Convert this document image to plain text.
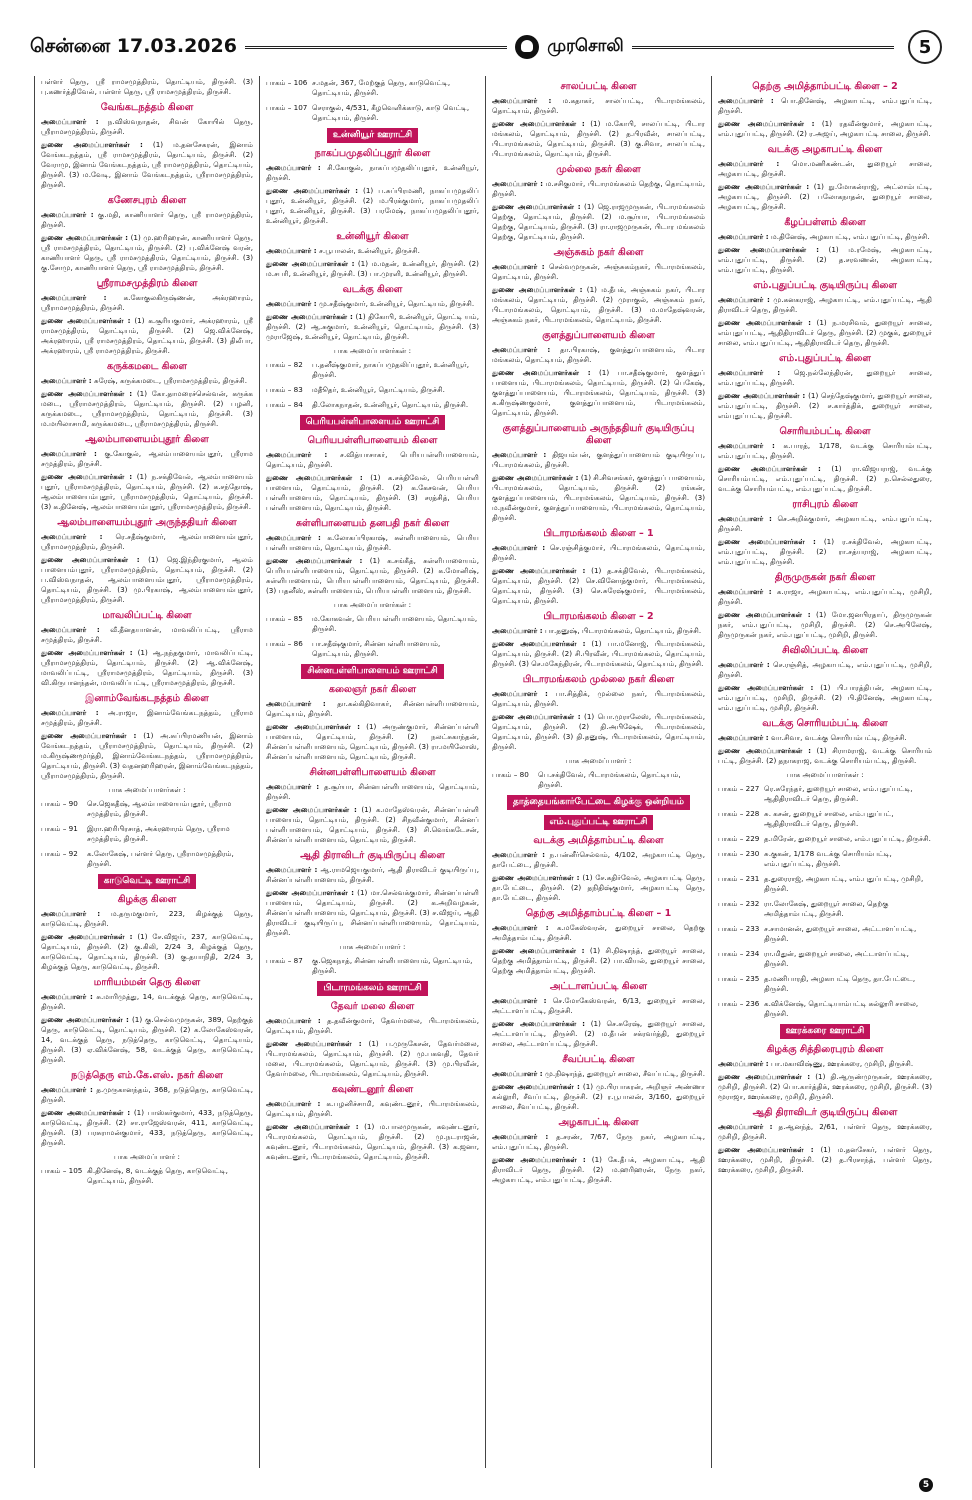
சென்னை 17.03.2026	முரசொலி	5
பள்ளர் தெரு, ஸ்ரீ ராமசமுத்திரம், தொட்டியம், திருச்சி. (3) பு.கணர்த்திவேல், பள்ளர் தெரு, ஸ்ரீ ராமசமுத்திரம், திருச்சி.
வேங்கடநத்தம் கிளை
அமைப்பாளர் : ந.விஸ்வநாதன், சிவன் கோயில் தெரு, ஸ்ரீராமசமுத்திரம், திருச்சி.
துணை அமைப்பாளர்கள் : (1) ம.தனசேகரன், இனாம் வேங்கடநத்தம், ஸ்ரீ ராமசமுத்திரம், தொட்டியம், திருச்சி. (2) வேராமு, இனாம் வேங்கடநத்தம், ஸ்ரீ ராமசமுத்திரம், தொட்டியம், திருச்சி. (3) ம.வேடி, இனாம் வேங்கடநத்தம், ஸ்ரீராமசமுத்திரம், திருச்சி.
கணேசபுரம் கிளை
அமைப்பாளர் : கு.மதி, காணியாளர் தெரு, ஸ்ரீ ராமசமுத்திரம், திருச்சி.
துணை அமைப்பாளர்கள் : (1) மு.ஹரிஹரன், காணியாளர் தெரு, ஸ்ரீ ராமசமுத்திரம், தொட்டியம், திருச்சி. (2) பு.விக்னேஷ் வரன், காணியாளர் தெரு, ஸ்ரீ ராமசமுத்திரம், தொட்டியம், திருச்சி. (3) கு.சோமு, காணியாளர் தெரு, ஸ்ரீ ராமசமுத்திரம், திருச்சி.
ஸ்ரீராமசமுத்திரம் கிளை
அமைப்பாளர் : க.கோகுலகிருஷ்ணன், அக்ரஹாரம், ஸ்ரீராமசமுத்திரம், திருச்சி.
துணை அமைப்பாளர்கள் : (1) க.சூரியகுமார், அக்ரஹாரம், ஸ்ரீ ராமசமுத்திரம், தொட்டியம், திருச்சி. (2) ஜெ.விக்னேஷ், அக்ரஹாரம், ஸ்ரீ ராமசமுத்திரம், தொட்டியம், திருச்சி. (3) திலீபா, அக்ரஹாரம், ஸ்ரீ ராமசமுத்திரம், திருச்சி.
கருக்கமடை கிளை
அமைப்பாளர் : சுரேஷ், கருக்கமடை, ஸ்ரீராமசமுத்திரம், திருச்சி.
துணை அமைப்பாளர்கள் : (1) கோ.தாமரைச்செல்வன், கருக்க மடை, ஸ்ரீராமசமுத்திரம், தொட்டியம், திருச்சி. (2) பழனி, கருக்கமடை, ஸ்ரீராமசமுத்திரம், தொட்டியம், திருச்சி. (3) ம.மயிலாசாமி, கருக்கமடை, ஸ்ரீராமசமுத்திரம், திருச்சி.
ஆலம்பாளையம்புதூர் கிளை
அமைப்பாளர் : கு.கோகுல், ஆலம்பாளையம்புதூர், ஸ்ரீராம சமுத்திரம், திருச்சி.
துணை அமைப்பாளர்கள் : (1) ந.சக்திவேல், ஆலம்பாளையம் புதூர், ஸ்ரீராமசமுத்திரம், தொட்டியம், திருச்சி. (2) க.சந்தோஷ், ஆலம்பாளையம்புதூர், ஸ்ரீராமசமுத்திரம், தொட்டியம், திருச்சி. (3) க.தினேஷ், ஆலம்பாளையம்புதூர், ஸ்ரீராமசமுத்திரம், திருச்சி.
ஆலம்பாளையம்புதூர் அருந்ததியர் கிளை
அமைப்பாளர் : ரெ.சதீஷ்குமார், ஆலம்பாளையம்புதூர், ஸ்ரீராமசமுத்திரம், திருச்சி.
துணை அமைப்பாளர்கள் : (1) ஜெ.இந்திரகுமார், ஆலம் பாளையம்புதூர், ஸ்ரீராமசமுத்திரம், தொட்டியம், திருச்சி. (2) ப.விஸ்வநாதன், ஆலம்பாளையம்புதூர், ஸ்ரீராமசமுத்திரம், தொட்டியம், திருச்சி. (3) மு.பிரகாஷ், ஆலம்பாளையம்புதூர், ஸ்ரீராமசமுத்திரம், திருச்சி.
மாவலிப்பட்டி கிளை
அமைப்பாளர் : வீ.தீனதயாளன், மாவலிப்பட்டி, ஸ்ரீராம சமுத்திரம், திருச்சி.
துணை அமைப்பாளர்கள் : (1) ஆ.நந்தகுமார், மாவலிப்பட்டி, ஸ்ரீராமசமுத்திரம், தொட்டியம், திருச்சி. (2) ஆ.விக்னேஷ், மாவலிப்பட்டி, ஸ்ரீராமசமுத்திரம், தொட்டியம், திருச்சி. (3) வி.கிருபானந்தன், மாவலிப்பட்டி, ஸ்ரீராமசமுத்திரம், திருச்சி.
இனாம்வேங்கடநத்தம் கிளை
அமைப்பாளர் : அ.ராஜா, இனாம்வேங்கடநத்தம், ஸ்ரீராம சமுத்திரம், திருச்சி.
துணை அமைப்பாளர்கள் : (1) அ.சுப்பிரமணியன், இனாம் வேங்கடநத்தம், ஸ்ரீராமசமுத்திரம், தொட்டியம், திருச்சி. (2) ம.கிருஷ்ணமூர்த்தி, இனாம்வேங்கடநத்தம், ஸ்ரீராமசமுத்திரம், தொட்டியம், திருச்சி. (3) வதனஹரிஹரன், இனாம்வேங்கடநத்தம், ஸ்ரீராமசமுத்திரம், திருச்சி.
பாக அமைப்பாளர்கள் :
பாகம் – 90	செ.ஜெகதீஷ், ஆலம்பாளையம்புதூர், ஸ்ரீராம சமுத்திரம், திருச்சி.
பாகம் – 91	இரா.ஹரிபிரசாத், அக்ரஹாரம் தெரு, ஸ்ரீராம சமுத்திரம், திருச்சி.
பாகம் – 92	க.லோகேஷ், பள்ளர் தெரு, ஸ்ரீராமசமுத்திரம், திருச்சி.
காடுவெட்டி ஊராட்சி
கிழக்கு கிளை
அமைப்பாளர் : ம.தருமகுமார், 223, கிழக்குத் தெரு, காடுவெட்டி, திருச்சி.
துணை அமைப்பாளர்கள் : (1) சே.விஜய், 237, காடுவெட்டி, தொட்டியம், திருச்சி. (2) கு.கிலி, 2/24 3, கிழக்குத் தெரு, காடுவெட்டி, தொட்டியம், திருச்சி. (3) கு.தயாநிதி, 2/24 3, கிழக்குத் தெரு, காடுவெட்டி, திருச்சி.
மாரியம்மன் தெரு கிளை
அமைப்பாளர் : சு.மாரிமுத்து, 14, வடக்குத் தெரு, காடுவெட்டி, திருச்சி.
துணை அமைப்பாளர்கள் : (1) கு.செல்வமுருகன், 389, தெற்குத் தெரு, காடுவெட்டி, தொட்டியம், திருச்சி. (2) க.லோகேஸ்வரன், 14, வடக்குத் தெரு, நடுத்தெரு, காடுவெட்டி, தொட்டியம், திருச்சி. (3) ஏ.விக்னேஷ், 58, வடக்குத் தெரு, காடுவெட்டி, திருச்சி.
நடுத்தெரு எம்.கே.எஸ். நகர் கிளை
அமைப்பாளர் : த.முருகானந்தம், 368, நடுத்தெரு, காடுவெட்டி, திருச்சி.
துணை அமைப்பாளர்கள் : (1) பாஸ்கர்குமார், 433, நடுத்தெரு, காடுவெட்டி, திருச்சி. (2) சா.ராஜேஸ்வரன், 411, காடுவெட்டி, திருச்சி. (3) பரசுராமன்குமார், 433, நடுத்தெரு, காடுவெட்டி, திருச்சி.
பாக அமைப்பாளர் :
பாகம் – 105 கி.தினேஷ், 8, வடக்குத் தெரு, காடுவெட்டி, தொட்டியம், திருச்சி.
பாகம் – 106 ச.மதன், 367, மேற்குத் தெரு, காடுவெட்டி, தொட்டியம், திருச்சி.
பாகம் – 107 செராகுல், 4/531, கீழவெளிக்காடு, காடு வெட்டி, தொட்டியம், திருச்சி.
உன்னியூர் ஊராட்சி
நாகப்பமுதலிப்புதூர் கிளை
அமைப்பாளர் : சி.கோகுல், நாகப்பமுதலிப்புதூர், உன்னியூர், திருச்சி.
துணை அமைப்பாளர்கள் : (1) ப.சுப்பிரமணி, நாகப்பமுதலிப் புதூர், உன்னியூர், திருச்சி. (2) ம.பிரக்குமார், நாகப்பமுதலிப் புதூர், உன்னியூர், திருச்சி. (3) பரமேஷ், நாகப்பமுதலிப்புதூர், உன்னியூர், திருச்சி.
உன்னியூர் கிளை
அமைப்பாளர் : ச.பூபாலன், உன்னியூர், திருச்சி.
துணை அமைப்பாளர்கள் : (1) ம.மதன், உன்னியூர், திருச்சி. (2) ம.சபரி, உன்னியூர், திருச்சி. (3) பா.முரளி, உன்னியூர், திருச்சி.
வடக்கு கிளை
அமைப்பாளர் : மு.சதீஷ்குமார், உன்னியூர், தொட்டியம், திருச்சி.
துணை அமைப்பாளர்கள் : (1) திகோபி, உன்னியூர், தொட்டி யம், திருச்சி. (2) ஆ.சுகுமார், உன்னியூர், தொட்டியம், திருச்சி. (3) முராஜேஷ், உன்னியூர், தொட்டியம், திருச்சி.
பாக அமைப்பாளர்கள் :
பாகம் – 82	ப.தனீஷ்குமார், நாகப்பமுதலிப்புதூர், உன்னியூர், திருச்சி.
பாகம் – 83	மதூீதர், உன்னியூர், தொட்டியம், திருச்சி.
பாகம் – 84	தி.லோகநாதன், உன்னியூர், தொட்டியம், திருச்சி.
பெரியபள்ளிபாளையம் ஊராட்சி
பெரியபள்ளிபாளையம் கிளை
அமைப்பாளர் : ச.வித்யாசாகர், பெரியபள்ளிபாளையம், தொட்டியம், திருச்சி.
துணை அமைப்பாளர்கள் : (1) க.சக்திவேல், பெரியபள்ளி பாளையம், தொட்டியம், திருச்சி. (2) க.கேசவன், பெரிய பள்ளிபாளையம், தொட்டியம், திருச்சி. (3) சரத்சித், பெரிய பள்ளிபாளையம், தொட்டியம், திருச்சி.
சுள்ளிபாளையம் தனபதி நகர் கிளை
அமைப்பாளர் : க.லோகப்பிரகாஷ், சுள்ளிபாளையம், பெரிய பள்ளிபாளையம், தொட்டியம், திருச்சி.
துணை அமைப்பாளர்கள் : (1) க.சங்கீத், சுள்ளிபாளையம், பெரியபள்ளிபாளையம், தொட்டியம், திருச்சி. (2) க.மோனிஷ், சுள்ளிபாளையம், பெரியபள்ளிபாளையம், தொட்டியம், திருச்சி. (3) பதனீஸ், சுள்ளிபாளையம், பெரியபள்ளிபாளையம், திருச்சி.
பாக அமைப்பாளர்கள் :
பாகம் – 85	ம.கோகவன், பெரியபள்ளிபாளையம், தொட்டியம், திருச்சி.
பாகம் – 86	பா.சதீஷ்குமார், சின்னபள்ளிபாளையம், தொட்டியம், திருச்சி.
சின்னபள்ளிபாளையம் ஊராட்சி
கலைஞர் நகர் கிளை
அமைப்பாளர் : தா.கல்கிதிவாகர், சின்னபள்ளிபாளையம், தொட்டியம், திருச்சி.
துணை அமைப்பாளர்கள் : (1) அருண்குமார், சின்னப்பள்ளி பாளையம், தொட்டியம், திருச்சி. (2) நலட்சுகாந்தன், சின்னப்பள்ளிபாளையம், தொட்டியம், திருச்சி. (3) ரா.மயிலோஸ், சின்னப்பள்ளிபாளையம், தொட்டியம், திருச்சி.
சின்னபள்ளிபாளையம் கிளை
அமைப்பாளர் : த.சூர்யா, சின்னபள்ளிபாளையம், தொட்டியம், திருச்சி.
துணை அமைப்பாளர்கள் : (1) க.மாதேஸ்வரன், சின்னப்பள்ளி பாளையம், தொட்டியம், திருச்சி. (2) சிநவீன்குமார், சின்னப் பள்ளிபாளையம், தொட்டியம், திருச்சி. (3) சி.வெங்கடேசன், சின்னப்பள்ளிபாளையம், தொட்டியம், திருச்சி.
ஆதி திராவிடர் குடியிருப்பு கிளை
அமைப்பாளர் : ஆ.ராமஜெயகுமார், ஆதி திராவிடர் குடியிருப்பு, சின்னப்பள்ளிபாளையம், திருச்சி.
துணை அமைப்பாளர்கள் : (1) மா.செல்வக்குமார், சின்னப்பள்ளி பாளையம், தொட்டியம், திருச்சி. (2) க.அறிவழகன், சின்னப்பள்ளிபாளையம், தொட்டியம், திருச்சி. (3) ச.விஜய், ஆதி திராவிடர் குடியிருப்பு, சின்னப்பள்ளிபாளையம், தொட்டியம், திருச்சி.
பாக அமைப்பாளர் :
பாகம் – 87	கு.ஜெகநாத், சின்னபள்ளிபாளையம், தொட்டியம், திருச்சி.
பிடாரமங்கலம் ஊராட்சி
தேவர் மலை கிளை
அமைப்பாளர் : த.தவீன்குமார், தேவர்மலை, பிடாரமங்கலம், தொட்டியம், திருச்சி.
துணை அமைப்பாளர்கள் : (1) ப.முருகேசன், தேவர்மலை, பிடாரமங்கலம், தொட்டியம், திருச்சி. (2) மு.பகவதி, தேவர் மலை, பிடாரமங்கலம், தொட்டியம், திருச்சி. (3) மு.பிரவீன், தேவர்மலை, பிடாரமங்கலம், தொட்டியம், திருச்சி.
கவுண்டனூர் கிளை
அமைப்பாளர் : க.பழனிச்சாமி, கவுண்டனூர், பிடாரமங்கலம், தொட்டியம், திருச்சி.
துணை அமைப்பாளர்கள் : (1) ம.பாலமுருகன், கவுண்டனூர், பிடாரமங்கலம், தொட்டியம், திருச்சி. (2) மு.நடராஜன், கவுண்டனூர், பிடாரமங்கலம், தொட்டியம், திருச்சி. (3) க.ஜனா, கவுண்டனூர், பிடாரமங்கலம், தொட்டியம், திருச்சி.
சாலப்பட்டி கிளை
அமைப்பாளர் : ம.கதாகர், சாலப்பட்டி, பிடாரமங்கலம், தொட்டியம், திருச்சி.
துணை அமைப்பாளர்கள் : (1) ம.கோபி, சாலப்பட்டி, பிடார மங்கலம், தொட்டியம், திருச்சி. (2) த.பிரவீன், சாலப்பட்டி, பிடாரமங்கலம், தொட்டியம், திருச்சி. (3) கு.சிவா, சாலப்பட்டி, பிடாரமங்கலம், தொட்டியம், திருச்சி.
முல்லை நகர் கிளை
அமைப்பாளர் : ம.சசிகுமார், பிடாரமங்கலம் தெற்கு, தொட்டியம், திருச்சி.
துணை அமைப்பாளர்கள் : (1) ஜெ.ராஜமுருகன், பிடாரமங்கலம் தெற்கு, தொட்டியம், திருச்சி. (2) ம.சூர்யா, பிடாரமங்கலம் தெற்கு, தொட்டியம், திருச்சி. (3) ரா.ராஜமுருகன், பிடார மங்கலம் தெற்கு, தொட்டியம், திருச்சி.
அஞ்சுகம் நகர் கிளை
அமைப்பாளர் : செல்வமுருகன், அஞ்சுகம்நகர், பிடாரமங்கலம், தொட்டியம், திருச்சி.
துணை அமைப்பாளர்கள் : (1) ம.தீபக், அஞ்சுகம் நகர், பிடார மங்கலம், தொட்டியம், திருச்சி. (2) முராகுல், அஞ்சுகம் நகர், பிடாரமங்கலம், தொட்டியம், திருச்சி. (3) ம.மாதேஷ்வரன், அஞ்சுகம் நகர், பிடாரமங்கலம், தொட்டியம், திருச்சி.
குளத்துப்பாளையம் கிளை
அமைப்பாளர் : தா.பிரகாஷ், குளத்துப்பாளையம், பிடார மங்கலம், தொட்டியம், திருச்சி.
துணை அமைப்பாளர்கள் : (1) பா.சதீஷ்குமார், குளத்துப் பாளையம், பிடாரமங்கலம், தொட்டியம், திருச்சி. (2) பெகேஷ், குளத்துப்பாளையம், பிடாரமங்கலம், தொட்டியம், திருச்சி. (3) க.கிருஷ்ணகுமார், குளத்துப்பாளையம், பிடாரமங்கலம், தொட்டியம், திருச்சி.
குளத்துப்பாளையம் அருந்ததியர் குடியிருப்பு கிளை
அமைப்பாளர் : திஜயம்பன், குளத்துப்பாளையம் குடியிருப்பு, பிடாரமங்கலம், திருச்சி.
துணை அமைப்பாளர்கள் : (1) சி.சிவசங்கர், குளத்துப் பாளையம், பிடாரமங்கலம், தொட்டியம், திருச்சி. (2) ரங்கன், குளத்துப்பாளையம், பிடாரமங்கலம், தொட்டியம், திருச்சி. (3) ம.நவீன்குமார், குளத்துப்பாளையம், பிடாரமங்கலம், தொட்டியம், திருச்சி.
பிடாரமங்கலம் கிளை – 1
அமைப்பாளர் : செ.ரஞ்சித்குமார், பிடாரமங்கலம், தொட்டியம், திருச்சி.
துணை அமைப்பாளர்கள் : (1) த.சக்திவேல், பிடாரமங்கலம், தொட்டியம், திருச்சி. (2) செ.வினோத்குமார், பிடாரமங்கலம், தொட்டியம், திருச்சி. (3) செ.சுரேஷ்குமார், பிடாரமங்கலம், தொட்டியம், திருச்சி.
பிடாரமங்கலம் கிளை – 2
அமைப்பாளர் : பா.தனுஷ், பிடாரமங்கலம், தொட்டியம், திருச்சி.
துணை அமைப்பாளர்கள் : (1) பா.மனோஜ், பிடாரமங்கலம், தொட்டியம், திருச்சி. (2) சி.பிரவீன், பிடாரமங்கலம், தொட்டியம், திருச்சி. (3) செ.மகேந்திரன், பிடாரமங்கலம், தொட்டியம், திருச்சி.
பிடாரமங்கலம் முல்லை நகர் கிளை
அமைப்பாளர் : பா.சித்திக், முல்லை நகர், பிடாரமங்கலம், தொட்டியம், திருச்சி.
துணை அமைப்பாளர்கள் : (1) பொ.முராலேஸ், பிடாரமங்கலம், தொட்டியம், திருச்சி. (2) தி.அபிஷேக், பிடாரமங்கலம், தொட்டியம், திருச்சி. (3) தி.தனுஷ், பிடாரமங்கலம், தொட்டியம், திருச்சி.
பாக அமைப்பாளர் :
பாகம் – 80	பெ.சக்திவேல், பிடாரமங்கலம், தொட்டியம், திருச்சி.
தாத்தையங்கார்பேட்டை கிழக்கு ஒன்றியம்
எம்.புதுப்பட்டி ஊராட்சி
வடக்கு அமித்தாம்பட்டி கிளை
அமைப்பாளர் : ந.பன்னீர்செல்வம், 4/102, அழகாபட்டி தெரு, தாபேட்டை, திருச்சி.
துணை அமைப்பாளர்கள் : (1) சே.கதிர்வேல், அழகாபட்டி தெரு, தா.பேட்டை, திருச்சி. (2) தநிதிஷ்குமார், அழகாபட்டி தெரு, தா.பேட்டை, திருச்சி.
தெற்கு அமித்தாம்பட்டி கிளை – 1
அமைப்பாளர் : க.மகேஸ்வரன், துறையூர் சாலை, தெற்கு அமித்தாம்பட்டி, திருச்சி.
துணை அமைப்பாளர்கள் : (1) சி.நிஷாந்த், துறையூர் சாலை, தெற்கு அமித்தாம்பட்டி, திருச்சி. (2) பா.வியல், துறையூர் சாலை, தெற்கு அமித்தாம்பட்டி, திருச்சி.
அட்டாளப்பட்டி கிளை
அமைப்பாளர் : செ.மோகேஸ்வரன், 6/13, துறையூர் சாலை, அட்டாளப்பட்டி, திருச்சி.
துணை அமைப்பாளர்கள் : (1) செ.சுரேஷ், துறையூர் சாலை, அட்டாளப்பட்டி, திருச்சி. (2) ம.தீபன் சக்ரவர்த்தி, துறையூர் சாலை, அட்டாளப்பட்டி, திருச்சி.
சீவப்பட்டி கிளை
அமைப்பாளர் : மு.நிஷாந்த், துறையூர் சாலை, சீவப்பட்டி, திருச்சி.
துணை அமைப்பாளர்கள் : (1) மு.பிரபாகரன், அறிஞர் அண்ணா கல்லூரி, சீவப்பட்டி, திருச்சி. (2) ர.பூபாலன், 3/160, துறையூர் சாலை, சீவப்பட்டி, திருச்சி.
அழகாபட்டி கிளை
அமைப்பாளர் : த.சரண், 7/67, நேரு நகர், அழகாபட்டி, எம்.புதுப்பட்டி, திருச்சி.
துணை அமைப்பாளர்கள் : (1) கே.தீபக், அழகாபட்டி, ஆதி திராவிடர் தெரு, திருச்சி. (2) ம.ஹரிஹரன், நேரு நகர், அழகாபட்டி, எம்.புதுப்பட்டி, திருச்சி.
தெற்கு அமித்தாம்பட்டி கிளை – 2
அமைப்பாளர் : பொ.தினேஷ், அழகாபட்டி, எம்.புதுப்பட்டி, திருச்சி.
துணை அமைப்பாளர்கள் : (1) ரதவீன்குமார், அழகாபட்டி, எம்.புதுப்பட்டி, திருச்சி. (2) ர.அஜய், அழகாபட்டி சாலை, திருச்சி.
வடக்கு அழகாபட்டி கிளை
அமைப்பாளர் : மொ.மணிகண்டன், துறையூர் சாலை, அழகாபட்டி, திருச்சி.
துணை அமைப்பாளர்கள் : (1) நு.மோகன்ராஜ், அட்லாம்பட்டி, அழகாபட்டி, திருச்சி. (2) பலோகநாதன், துறையூர் சாலை, அழகாபட்டி, திருச்சி.
கீழப்பள்ளம் கிளை
அமைப்பாளர் : ம.தினேஷ், அழகாபட்டி, எம்.புதுப்பட்டி, திருச்சி.
துணை அமைப்பாளர்கள் : (1) ம.ரமேஷ், அழகாபட்டி, எம்.புதுப்பட்டி, திருச்சி. (2) த.சரவணன், அழகாபட்டி, எம்.புதுப்பட்டி, திருச்சி.
எம்.புதுப்பட்டி குடியிருப்பு கிளை
அமைப்பாளர் : மு.கனகராஜ், அழகாபட்டி, எம்.புதுப்பட்டி, ஆதி திராவிடர் தெரு, திருச்சி.
துணை அமைப்பாளர்கள் : (1) ந.மரசிவம், துறையூர் சாலை, எம்புதுப்பட்டி, ஆதிதிராவிடர் தெரு, திருச்சி. (2) முகுக், துறையூர் சாலை, எம்.புதுப்பட்டி, ஆதிதிராவிடர் தெரு, திருச்சி.
எம்.புதுப்பட்டி கிளை
அமைப்பாளர் : ஜெ.நல்லேந்திரன், துறையூர் சாலை, எம்.புதுப்பட்டி, திருச்சி.
துணை அமைப்பாளர்கள் : (1) செந்தேஷ்குமார், துறையூர் சாலை, எம்.புதுப்பட்டி, திருச்சி. (2) ச.கார்த்திக், துறையூர் சாலை, எம்புதுப்பட்டி, திருச்சி.
சொரியம்பட்டி கிளை
அமைப்பாளர் : க.பாரத், 1/178, வடக்கு சொரியம்பட்டி, எம்.புதுப்பட்டி, திருச்சி.
துணை அமைப்பாளர்கள் : (1) ரா.விஜயராஜ், வடக்கு சொரியம்பட்டி, எம்.புதுப்பட்டி, திருச்சி. (2) ந.செல்லதுரை, வடக்கு சொரியம்பட்டி, எம்.புதுப்பட்டி, திருச்சி.
ராசிபுரம் கிளை
அமைப்பாளர் : செ.அறிக்குமார், அழகாபட்டி, எம்.புதுப்பட்டி, திருச்சி.
துணை அமைப்பாளர்கள் : (1) ர.சக்திவேல், அழகாபட்டி, எம்.புதுப்பட்டி, திருச்சி. (2) ரா.சத்யராஜ், அழகாபட்டி, எம்.புதுப்பட்டி, திருச்சி.
திருமுருகன் நகர் கிளை
அமைப்பாளர் : க.ராஜா, அழகாபட்டி, எம்.புதுப்பட்டி, முசிறி, திருச்சி.
துணை அமைப்பாளர்கள் : (1) மோ.ஜனபிரதாப், திருமுருகன் நகர், எம்.புதுப்பட்டி, முசிறி, திருச்சி. (2) செ.அபிலேஷ், திருமுருகன் நகர், எம்.புதுப்பட்டி, முசிறி, திருச்சி.
சிவிலிப்பட்டி கிளை
அமைப்பாளர் : செ.ரஞ்சித், அழகாபட்டி, எம்.புதுப்பட்டி, முசிறி, திருச்சி.
துணை அமைப்பாளர்கள் : (1) பி.பாரத்திபன், அழகாபட்டி, எம்.புதுப்பட்டி, முசிறி, திருச்சி. (2) பி.தினேஷ், அழகாபட்டி, எம்.புதுப்பட்டி, முசிறி, திருச்சி.
வடக்கு சொரியம்பட்டி கிளை
அமைப்பாளர் : வா.சிவா, வடக்கு சொரியம்பட்டி, திருச்சி.
துணை அமைப்பாளர்கள் : (1) சிராமராஜ், வடக்கு சொரியம் பட்டி, திருச்சி. (2) தநாகராஜ, வடக்கு சொரியம்பட்டி, திருச்சி.
பாக அமைப்பாளர்கள் :
பாகம் – 227 ரெ.சுரேந்தர், துறையூர் சாலை, எம்.புதுப்பட்டி, ஆதிதிராவிடர் தெரு, திருச்சி.
பாகம் – 228 சு. கசன், துறையூர் சாலை, எம்.புதுப்பட், ஆதிதிராவிடர் தெரு, திருச்சி.
பாகம் – 229 த.மிரேன், துறையூர் சாலை, எம்.புதுப்பட்டி, திருச்சி.
பாகம் – 230 சு.குகன், 1/178 வடக்கு சொரியம்பட்டி, எம்.புதுப்பட்டி, திருச்சி.
பாகம் – 231 த.துரைராஜ், அழகாபட்டி, எம்.புதுப்பட்டி, முசிறி, திருச்சி.
பாகம் – 232 ரா.லோகேஷ், துறையூர் சாலை, தெற்கு அமித்தாம்பட்டி, திருச்சி.
பாகம் – 233 ச.சாமானன், துறையூர் சாலை, அட்டாளப்பட்டி, திருச்சி.
பாகம் – 234 ரா.மிதுன், துறையூர் சாலை, அட்டாளப்பட்டி, திருச்சி.
பாகம் – 235 த.மணிபாரதி, அழகாபட்டி தெரு, தா.பேட்டை, திருச்சி.
பாகம் – 236 க.விக்னேஷ், தொட்டியாம்பட்டி கல்லூரி சாலை, திருச்சி.
ஊரக்கரை ஊராட்சி
கிழக்கு சித்திரைபுரம் கிளை
அமைப்பாளர் : பா.மகாவிஷ்ணு, ஊரக்கரை, முசிறி, திருச்சி.
துணை அமைப்பாளர்கள் : (1) தி.ஆருண்முருகன், ஊரக்கரை, முசிறி, திருச்சி. (2) பொ.கார்த்திக், ஊரக்கரை, முசிறி, திருச்சி. (3) மூராஜா, ஊரக்கரை, முசிறி, திருச்சி.
ஆதி திராவிடர் குடியிருப்பு கிளை
அமைப்பாளர் : த.ஆனந்த், 2/61, பள்ளர் தெரு, ஊரக்கரை, முசிறி, திருச்சி.
துணை அமைப்பாளர்கள் : (1) ம.தனசேகர், பள்ளர் தெரு, ஊரக்கரை, முசிறி, திருச்சி. (2) த.பிரசாந்த், பள்ளர் தெரு, ஊரக்கரை, முசிறி, திருச்சி.
5
